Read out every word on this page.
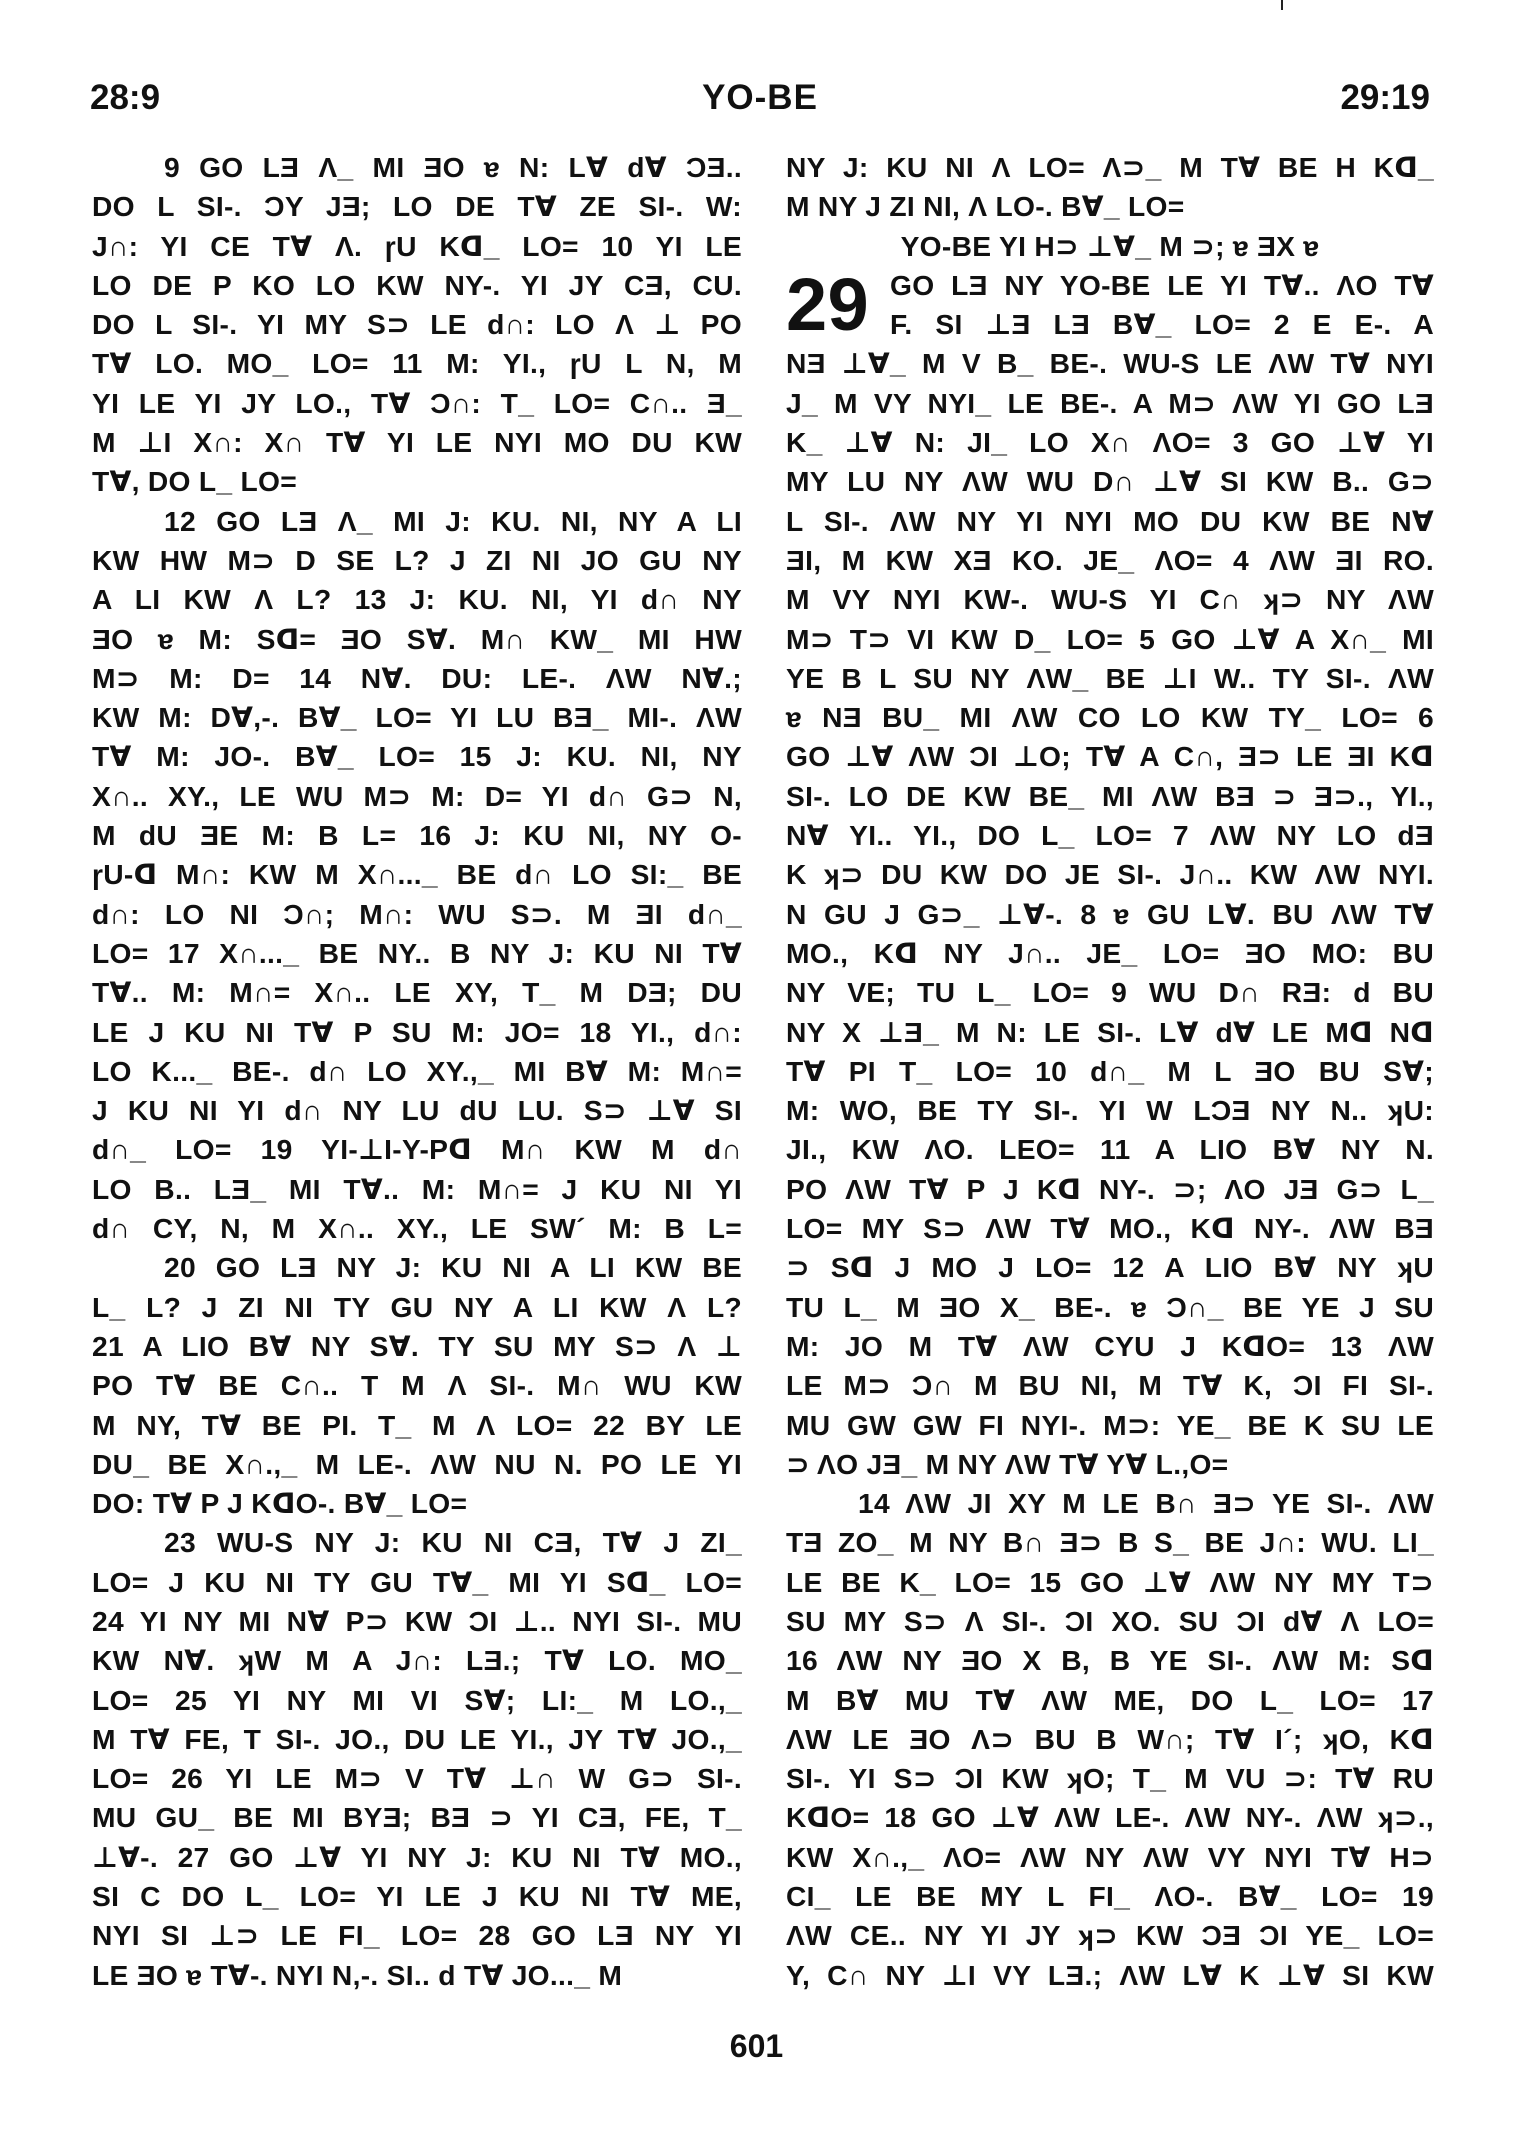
28:9	YO-BE	29:19
9 GO LƎ Λ_ MI ƎO ɐ N: L∀ d∀ ƆƎ..
DO L SI-. ƆY JƎ; LO DE T∀ ZE SI-. W:
J∩: YI CE T∀ Λ. ɼU Kᗡ_ LO= 10 YI LE
LO DE P KO LO KW NY-. YI JY CƎ, CU.
DO L SI-. YI MY S⊃ LE d∩: LO Λ ⊥ PO
T∀ LO. MO_ LO= 11 M: YI., ɼU L N, M
YI LE YI JY LO., T∀ Ɔ∩: T_ LO= C∩.. Ǝ_
M ⊥I X∩: X∩ T∀ YI LE NYI MO DU KW
T∀, DO L_ LO=
12 GO LƎ Λ_ MI J: KU. NI, NY A LI
KW HW M⊃ D SE L? J ZI NI JO GU NY
A LI KW Λ L? 13 J: KU. NI, YI d∩ NY
ƎO ɐ M: Sᗡ= ƎO S∀. M∩ KW_ MI HW
M⊃ M: D= 14 N∀. DU: LE-. ΛW N∀.;
KW M: D∀,-. B∀_ LO= YI LU BƎ_ MI-. ΛW
T∀ M: JO-. B∀_ LO= 15 J: KU. NI, NY
X∩.. XY., LE WU M⊃ M: D= YI d∩ G⊃ N,
M dU ƎE M: B L= 16 J: KU NI, NY O-
ɼU-ᗡ M∩: KW M X∩..._ BE d∩ LO SI:_ BE
d∩: LO NI Ɔ∩; M∩: WU S⊃. M ƎI d∩_
LO= 17 X∩..._ BE NY.. B NY J: KU NI T∀
T∀.. M: M∩= X∩.. LE XY, T_ M DƎ; DU
LE J KU NI T∀ P SU M: JO= 18 YI., d∩:
LO K..._ BE-. d∩ LO XY.,_ MI B∀ M: M∩=
J KU NI YI d∩ NY LU dU LU. S⊃ ⊥∀ SI
d∩_ LO= 19 YI-⊥I-Y-Pᗡ M∩ KW M d∩
LO B.. LƎ_ MI T∀.. M: M∩= J KU NI YI
d∩ CY, N, M X∩.. XY., LE SW´ M: B L=
20 GO LƎ NY J: KU NI A LI KW BE
L_ L? J ZI NI TY GU NY A LI KW Λ L?
21 A LIO B∀ NY S∀. TY SU MY S⊃ Λ ⊥
PO T∀ BE C∩.. T M Λ SI-. M∩ WU KW
M NY, T∀ BE PI. T_ M Λ LO= 22 BY LE
DU_ BE X∩.,_ M LE-. ΛW NU N. PO LE YI
DO: T∀ P J KᗡO-. B∀_ LO=
23 WU-S NY J: KU NI CƎ, T∀ J ZI_
LO= J KU NI TY GU T∀_ MI YI Sᗡ_ LO=
24 YI NY MI N∀ P⊃ KW ƆI ⊥.. NYI SI-. MU
KW N∀. ʞW M A J∩: LƎ.; T∀ LO. MO_
LO= 25 YI NY MI VI S∀; LI:_ M LO.,_
M T∀ FE, T SI-. JO., DU LE YI., JY T∀ JO.,_
LO= 26 YI LE M⊃ V T∀ ⊥∩ W G⊃ SI-.
MU GU_ BE MI BYƎ; BƎ ⊃ YI CƎ, FE, T_
⊥∀-. 27 GO ⊥∀ YI NY J: KU NI T∀ MO.,
SI C DO L_ LO= YI LE J KU NI T∀ ME,
NYI SI ⊥⊃ LE FI_ LO= 28 GO LƎ NY YI
LE ƎO ɐ T∀-. NYI N,-. SI.. d T∀ JO..._ M
NY J: KU NI Λ LO= Λ⊃_ M T∀ BE H Kᗡ_
M NY J ZI NI, Λ LO-. B∀_ LO=
YO-BE YI H⊃ ⊥∀_ M ⊃; ɐ ƎX ɐ
29 GO LƎ NY YO-BE LE YI T∀.. ΛO T∀
F. SI ⊥Ǝ LƎ B∀_ LO= 2 E E-. A
NƎ ⊥∀_ M V B_ BE-. WU-S LE ΛW T∀ NYI
J_ M VY NYI_ LE BE-. A M⊃ ΛW YI GO LƎ
K_ ⊥∀ N: JI_ LO X∩ ΛO= 3 GO ⊥∀ YI
MY LU NY ΛW WU D∩ ⊥∀ SI KW B.. G⊃
L SI-. ΛW NY YI NYI MO DU KW BE N∀
ƎI, M KW XƎ KO. JE_ ΛO= 4 ΛW ƎI RO.
M VY NYI KW-. WU-S YI C∩ ʞ⊃ NY ΛW
M⊃ T⊃ VI KW D_ LO= 5 GO ⊥∀ A X∩_ MI
YE B L SU NY ΛW_ BE ⊥I W.. TY SI-. ΛW
ɐ NƎ BU_ MI ΛW CO LO KW TY_ LO= 6
GO ⊥∀ ΛW ƆI ⊥O; T∀ A C∩, Ǝ⊃ LE ƎI Kᗡ
SI-. LO DE KW BE_ MI ΛW BƎ ⊃ Ǝ⊃., YI.,
N∀ YI.. YI., DO L_ LO= 7 ΛW NY LO dƎ
K ʞ⊃ DU KW DO JE SI-. J∩.. KW ΛW NYI.
N GU J G⊃_ ⊥∀-. 8 ɐ GU L∀. BU ΛW T∀
MO., Kᗡ NY J∩.. JE_ LO= ƎO MO: BU
NY VE; TU L_ LO= 9 WU D∩ RƎ: d BU
NY X ⊥Ǝ_ M N: LE SI-. L∀ d∀ LE Mᗡ Nᗡ
T∀ PI T_ LO= 10 d∩_ M L ƎO BU S∀;
M: WO, BE TY SI-. YI W LƆƎ NY N.. ʞU:
JI., KW ΛO. LEO= 11 A LIO B∀ NY N.
PO ΛW T∀ P J Kᗡ NY-. ⊃; ΛO JƎ G⊃ L_
LO= MY S⊃ ΛW T∀ MO., Kᗡ NY-. ΛW BƎ
⊃ Sᗡ J MO J LO= 12 A LIO B∀ NY ʞU
TU L_ M ƎO X_ BE-. ɐ Ɔ∩_ BE YE J SU
M: JO M T∀ ΛW CYU J KᗡO= 13 ΛW
LE M⊃ Ɔ∩ M BU NI, M T∀ K, ƆI FI SI-.
MU GW GW FI NYI-. M⊃: YE_ BE K SU LE
⊃ ΛO JƎ_ M NY ΛW T∀ Y∀ L.,O=
14 ΛW JI XY M LE B∩ Ǝ⊃ YE SI-. ΛW
TƎ ZO_ M NY B∩ Ǝ⊃ B S_ BE J∩: WU. LI_
LE BE K_ LO= 15 GO ⊥∀ ΛW NY MY T⊃
SU MY S⊃ Λ SI-. ƆI XO. SU ƆI d∀ Λ LO=
16 ΛW NY ƎO X B, B YE SI-. ΛW M: Sᗡ
M B∀ MU T∀ ΛW ME, DO L_ LO= 17
ΛW LE ƎO Λ⊃ BU B W∩; T∀ I´; ʞO, Kᗡ
SI-. YI S⊃ ƆI KW ʞO; T_ M VU ⊃: T∀ RU
KᗡO= 18 GO ⊥∀ ΛW LE-. ΛW NY-. ΛW ʞ⊃.,
KW X∩.,_ ΛO= ΛW NY ΛW VY NYI T∀ H⊃
CI_ LE BE MY L FI_ ΛO-. B∀_ LO= 19
ΛW CE.. NY YI JY ʞ⊃ KW ƆƎ ƆI YE_ LO=
Y, C∩ NY ⊥I VY LƎ.; ΛW L∀ K ⊥∀ SI KW
601
